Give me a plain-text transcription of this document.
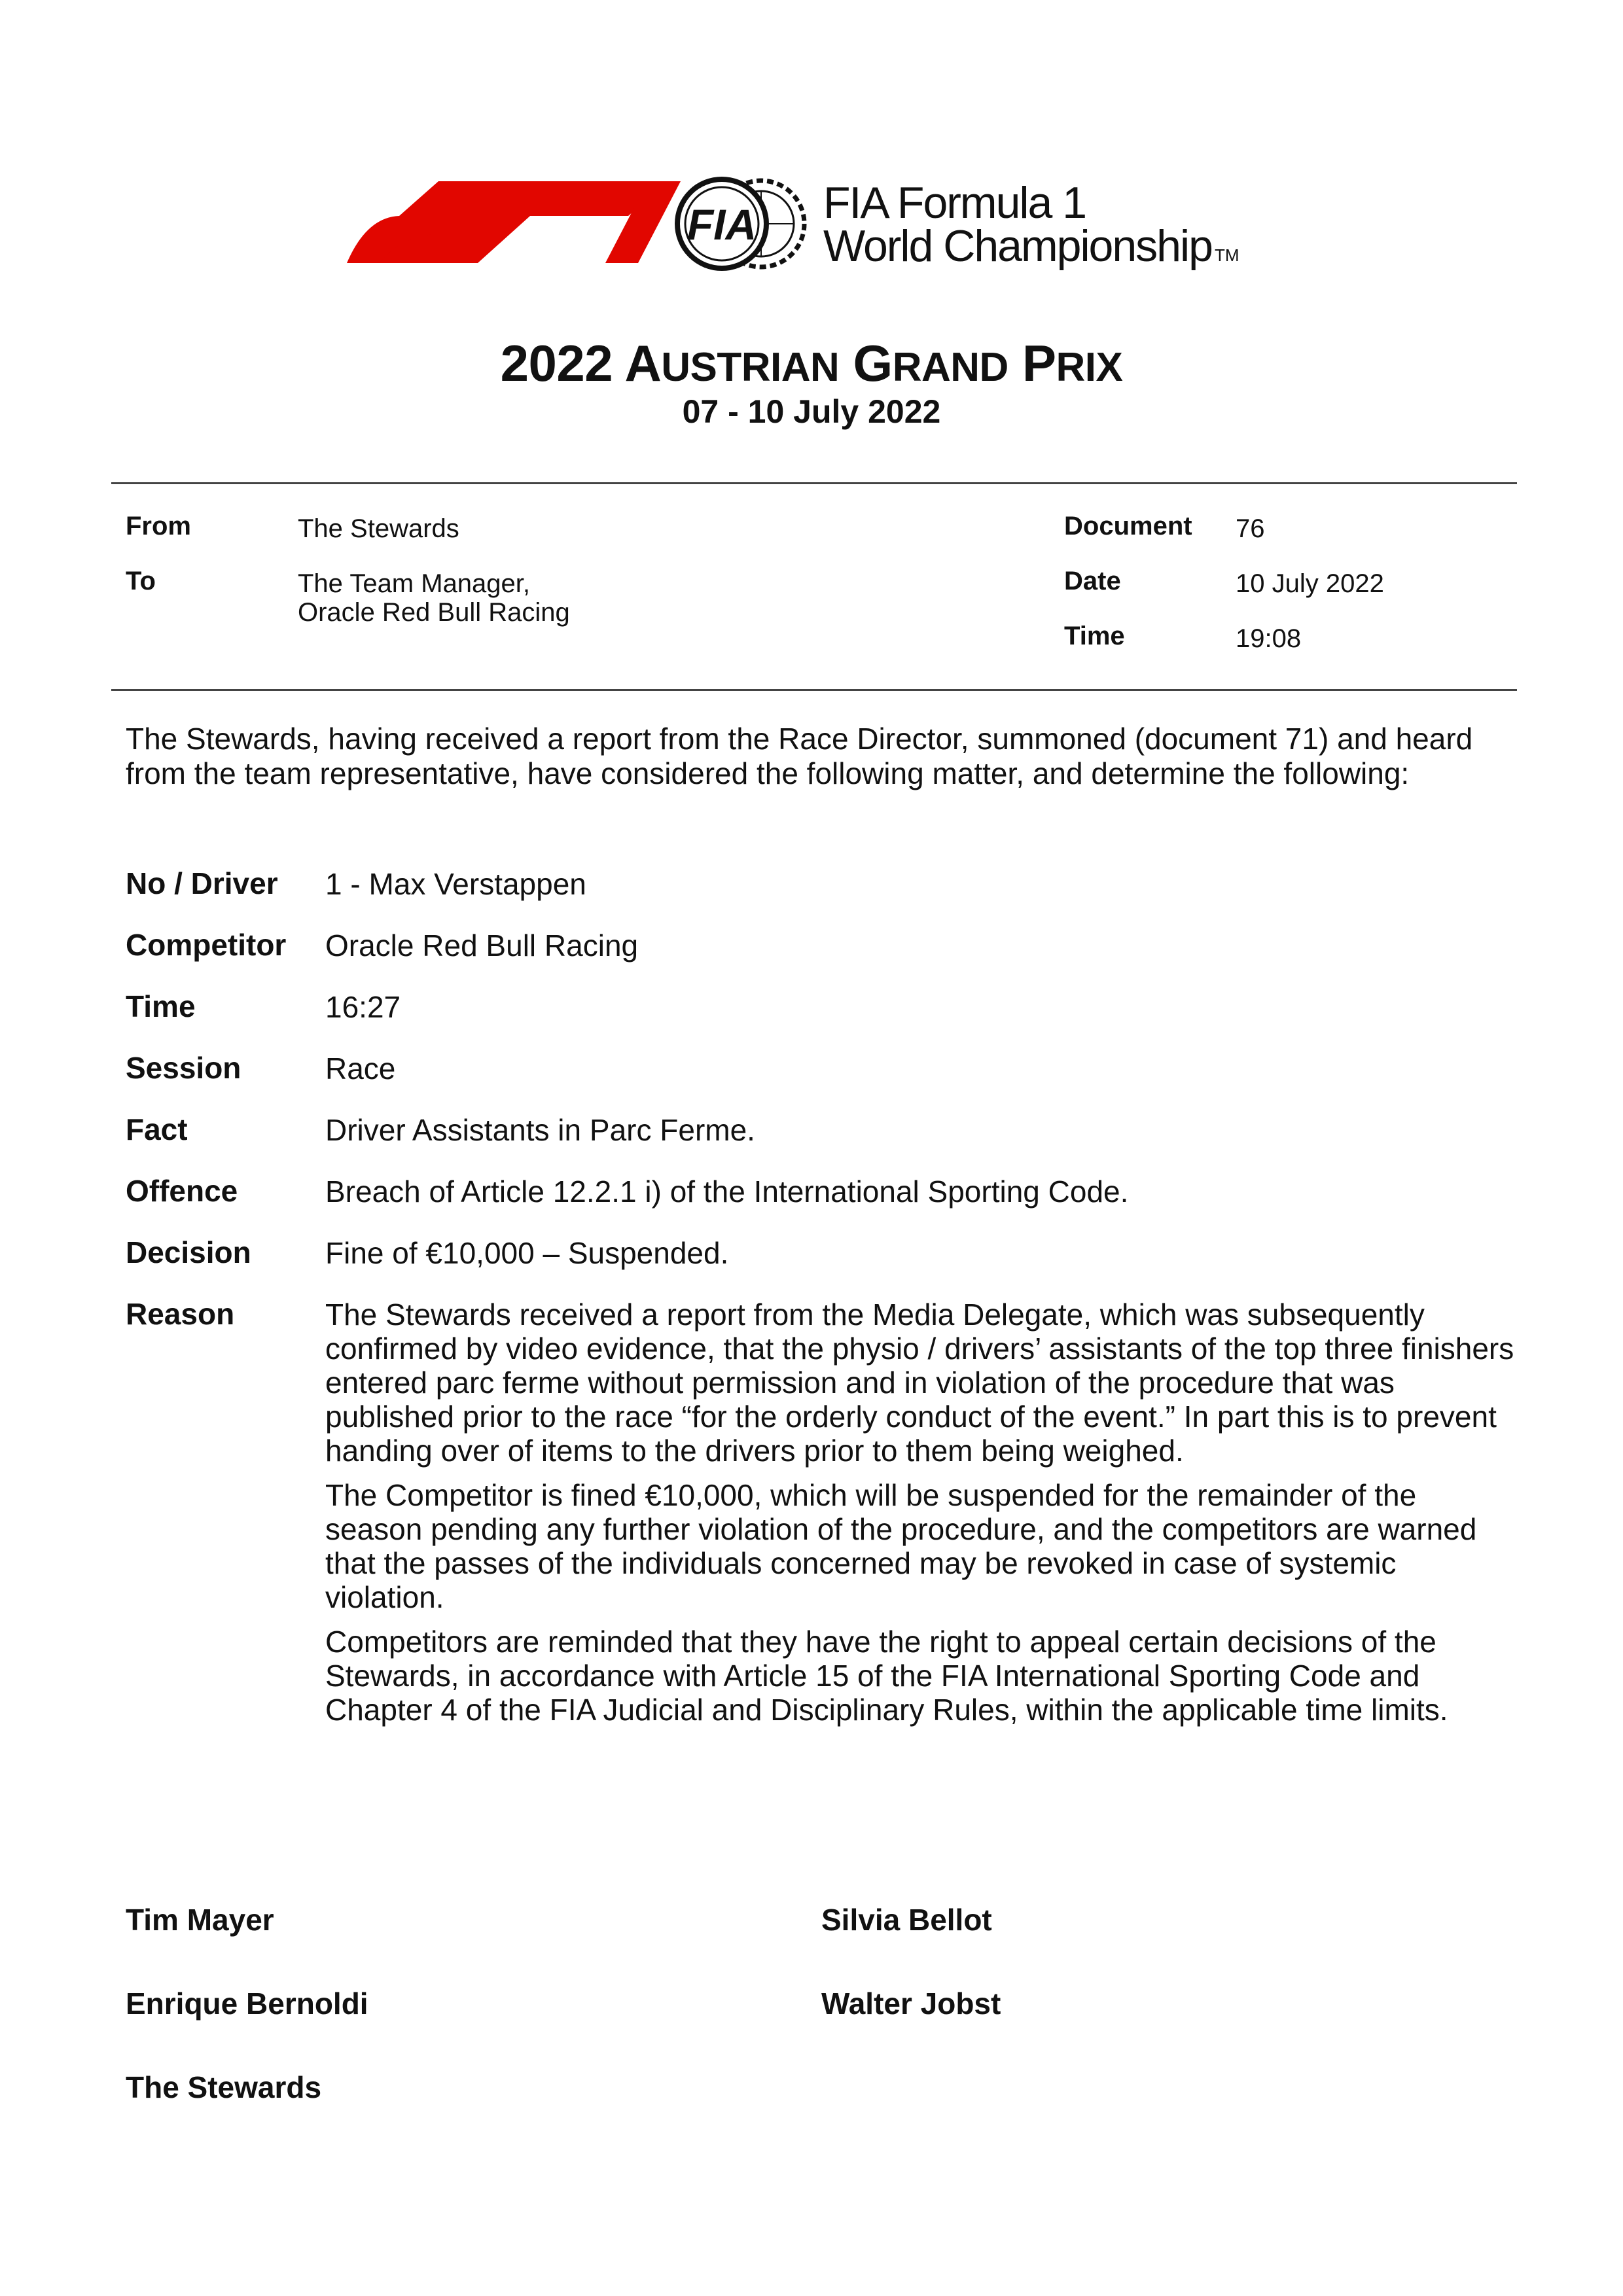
FIA FIA Formula 1
World Championship TM
2022 AUSTRIAN GRAND PRIX
07 - 10 July 2022
From	The Stewards
To	The Team Manager,
Oracle Red Bull Racing
Document 76
Date	10 July 2022
Time	19:08
The Stewards, having received a report from the Race Director, summoned (document 71) and heard from the team representative, have considered the following matter, and determine the following:
No / Driver 1 - Max Verstappen
Competitor Oracle Red Bull Racing
Time	16:27
Session	Race
Fact	Driver Assistants in Parc Ferme.
Offence	Breach of Article 12.2.1 i) of the International Sporting Code.
Decision Fine of €10,000 – Suspended.
Reason	The Stewards received a report from the Media Delegate, which was subsequently confirmed by video evidence, that the physio / drivers’ assistants of the top three finishers entered parc ferme without permission and in violation of the procedure that was published prior to the race “for the orderly conduct of the event.” In part this is to prevent handing over of items to the drivers prior to them being weighed.

The Competitor is fined €10,000, which will be suspended for the remainder of the season pending any further violation of the procedure, and the competitors are warned that the passes of the individuals concerned may be revoked in case of systemic violation.

Competitors are reminded that they have the right to appeal certain decisions of the Stewards, in accordance with Article 15 of the FIA International Sporting Code and Chapter 4 of the FIA Judicial and Disciplinary Rules, within the applicable time limits.

Tim Mayer	Silvia Bellot
Enrique Bernoldi	Walter Jobst
The Stewards
